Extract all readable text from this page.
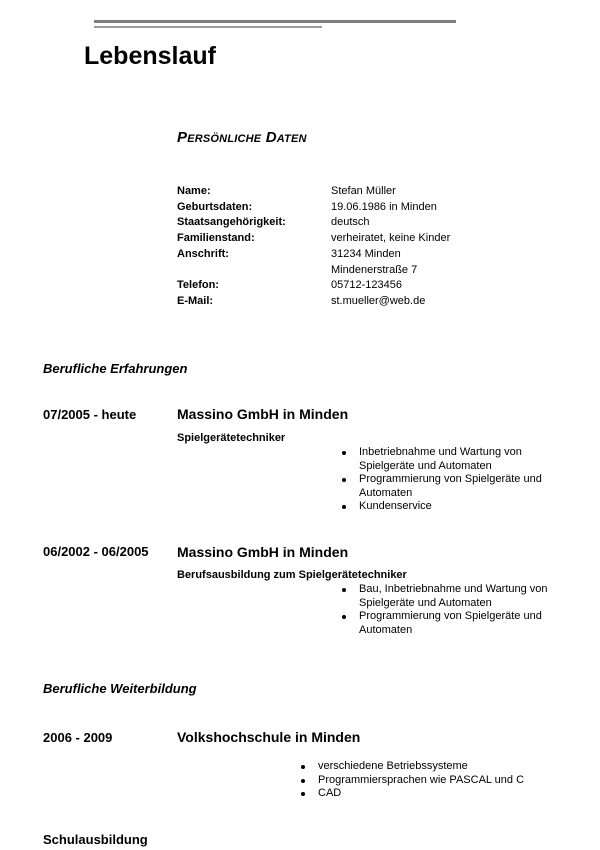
Lebenslauf
Persönliche Daten
Name:	Stefan Müller
Geburtsdaten:	19.06.1986 in Minden
Staatsangehörigkeit:	deutsch
Familienstand:	verheiratet, keine Kinder
Anschrift:	31234 Minden
Mindenerstraße 7
Telefon:	05712-123456
E-Mail:	st.mueller@web.de
Berufliche Erfahrungen
07/2005 - heute	Massino GmbH in Minden
Spielgerätetechniker
Inbetriebnahme und Wartung von Spielgeräte und Automaten
Programmierung von Spielgeräte und Automaten
Kundenservice
06/2002 - 06/2005 Massino GmbH in Minden
Berufsausbildung zum Spielgerätetechniker
Bau, Inbetriebnahme und Wartung von Spielgeräte und Automaten
Programmierung von Spielgeräte und Automaten
Berufliche Weiterbildung
2006 - 2009	Volkshochschule in Minden
verschiedene Betriebssysteme
Programmiersprachen wie PASCAL und C
CAD
Schulausbildung
